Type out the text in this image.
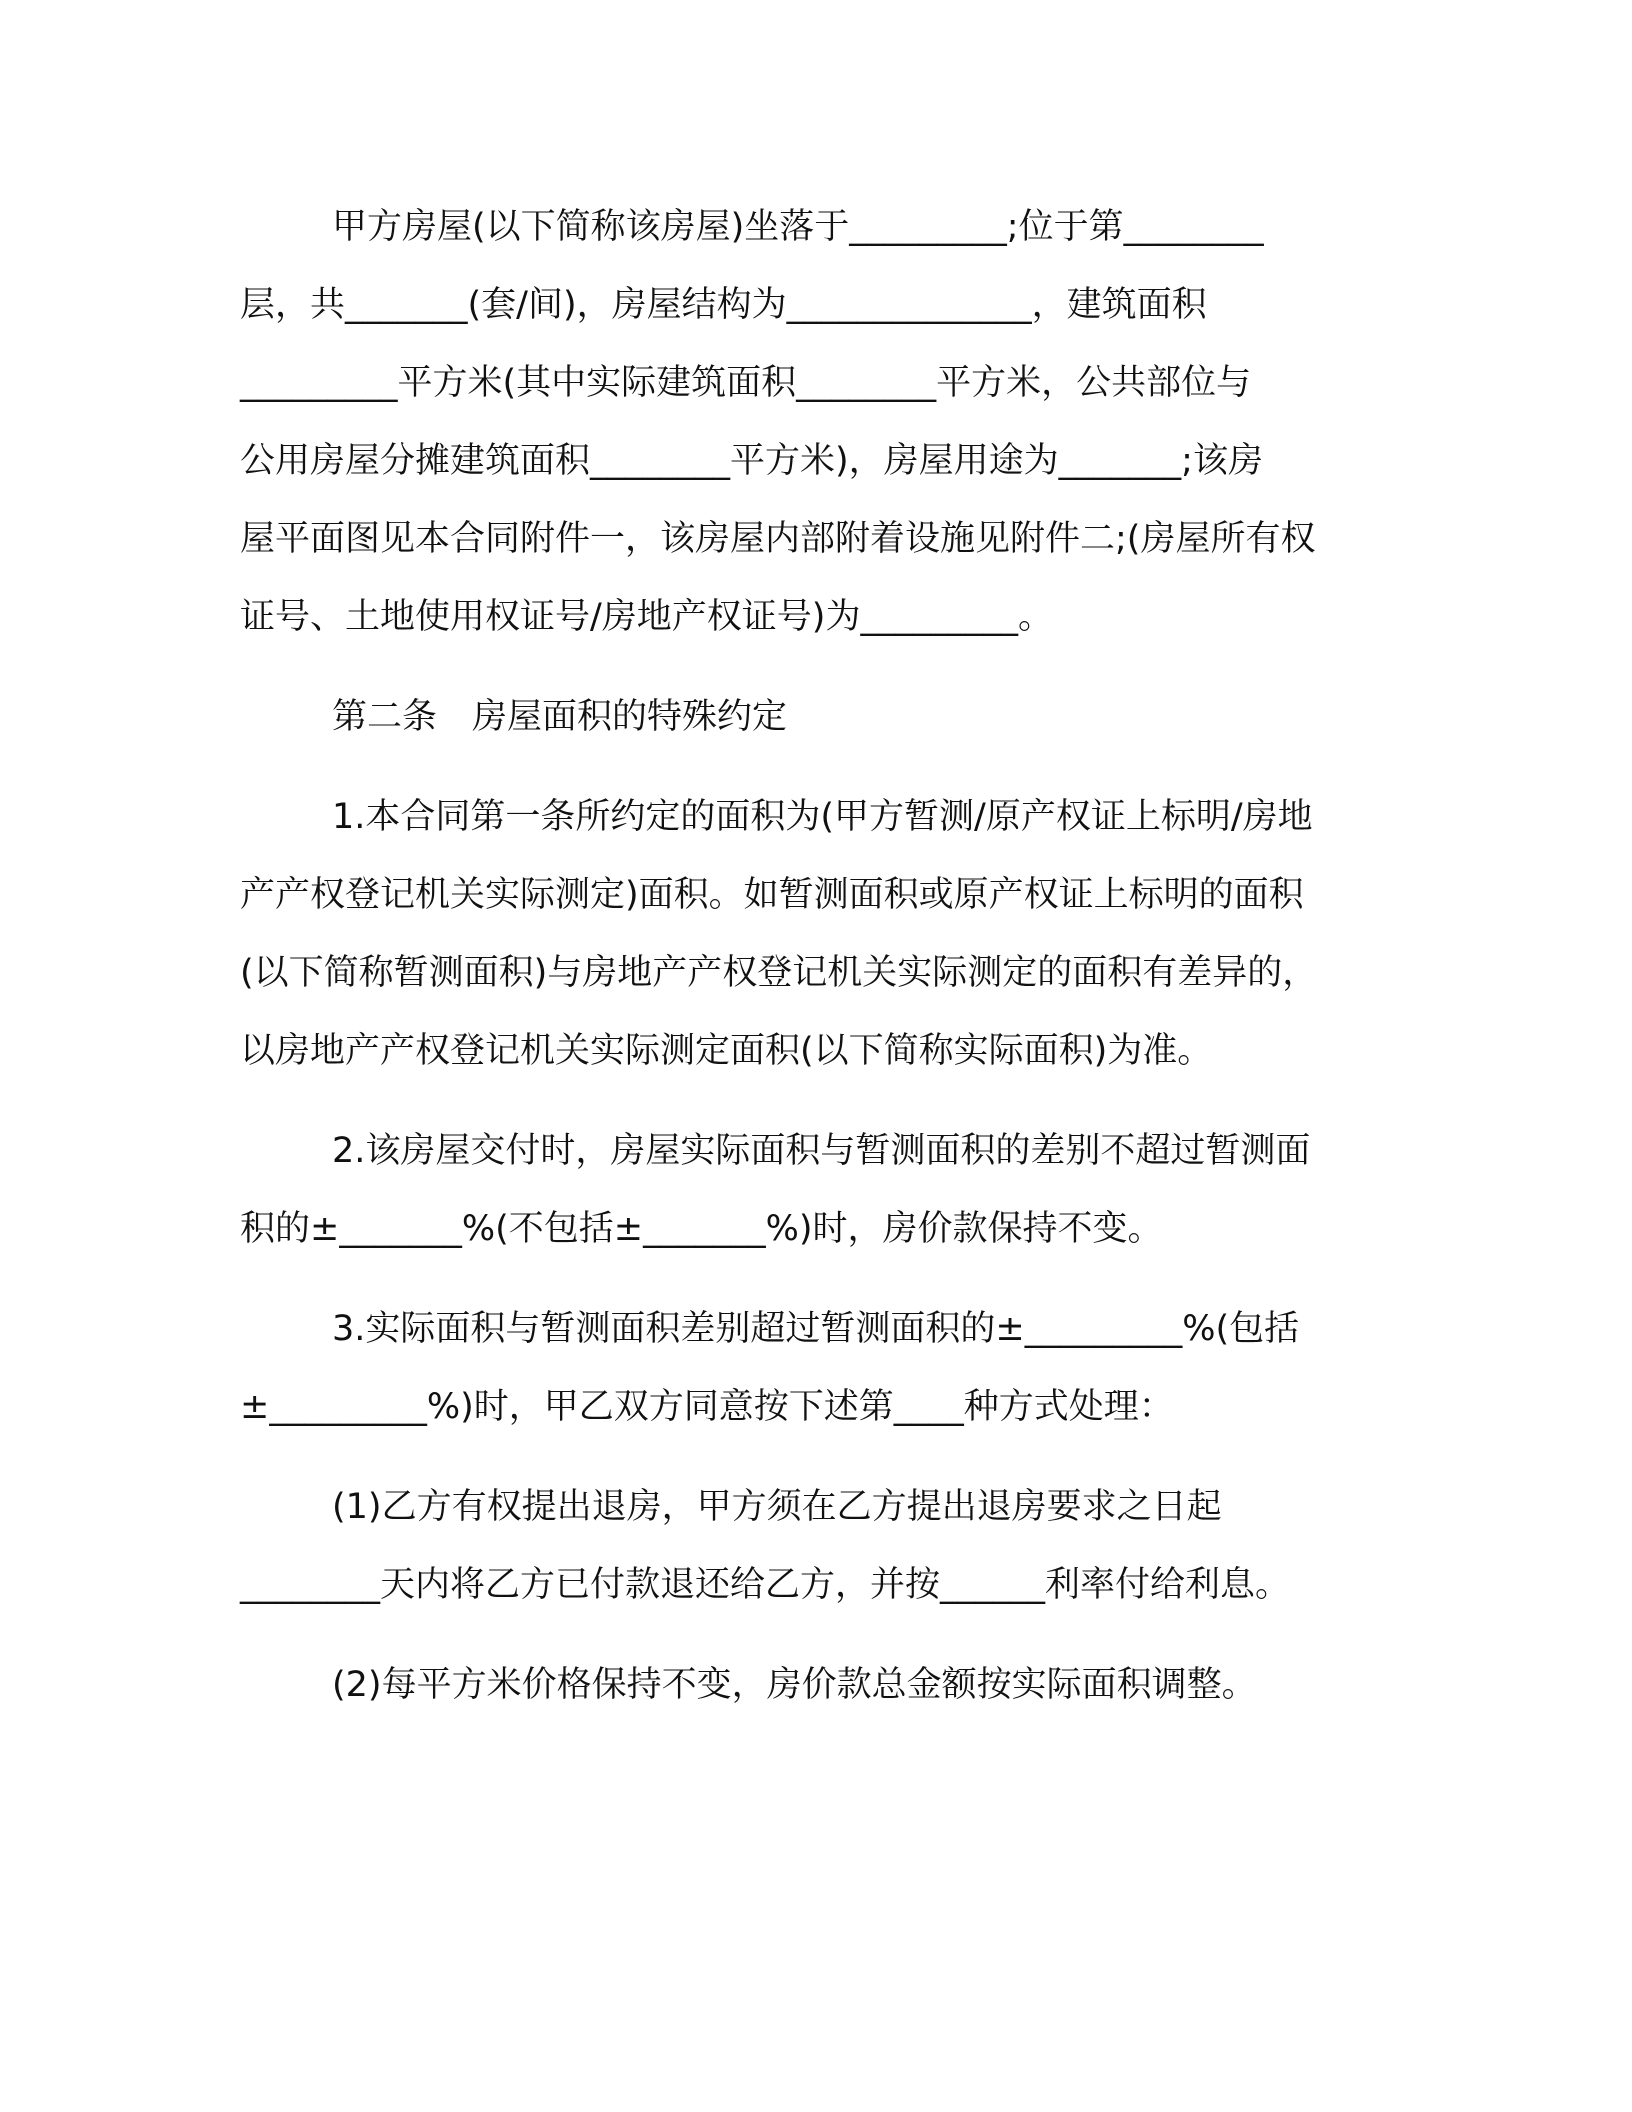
甲方房屋(以下简称该房屋)坐落于_________;位于第________
层，共_______(套/间)，房屋结构为______________，建筑面积
_________平方米(其中实际建筑面积________平方米，公共部位与
公用房屋分摊建筑面积________平方米)，房屋用途为_______;该房
屋平面图见本合同附件一，该房屋内部附着设施见附件二;(房屋所有权
证号、土地使用权证号/房地产权证号)为_________。
第二条　房屋面积的特殊约定
1.本合同第一条所约定的面积为(甲方暂测/原产权证上标明/房地
产产权登记机关实际测定)面积。如暂测面积或原产权证上标明的面积
(以下简称暂测面积)与房地产产权登记机关实际测定的面积有差异的，
以房地产产权登记机关实际测定面积(以下简称实际面积)为准。
2.该房屋交付时，房屋实际面积与暂测面积的差别不超过暂测面
积的±_______%(不包括±_______%)时，房价款保持不变。
3.实际面积与暂测面积差别超过暂测面积的±_________%(包括
±_________%)时，甲乙双方同意按下述第____种方式处理：
(1)乙方有权提出退房，甲方须在乙方提出退房要求之日起
________天内将乙方已付款退还给乙方，并按______利率付给利息。
(2)每平方米价格保持不变，房价款总金额按实际面积调整。
